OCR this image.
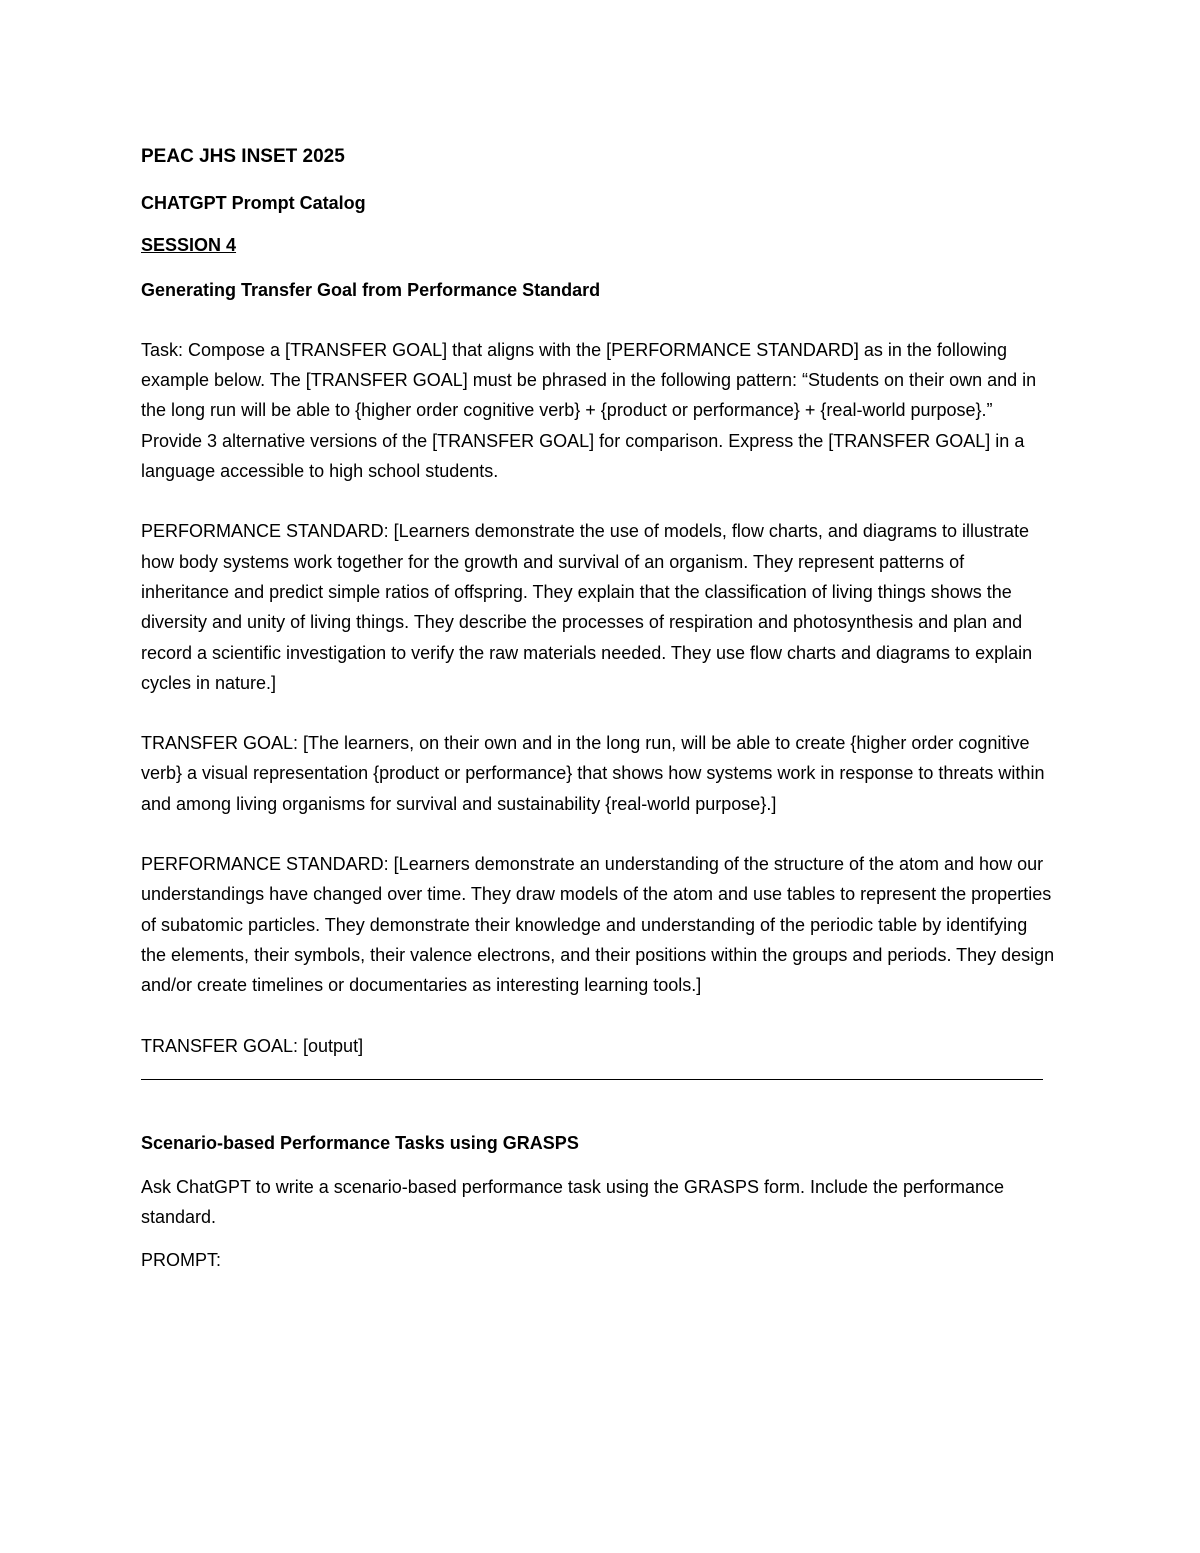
PEAC JHS INSET 2025
CHATGPT Prompt Catalog
SESSION 4
Generating Transfer Goal from Performance Standard
Task: Compose a [TRANSFER GOAL] that aligns with the [PERFORMANCE STANDARD] as in the following example below. The [TRANSFER GOAL] must be phrased in the following pattern: “Students on their own and in the long run will be able to {higher order cognitive verb} + {product or performance} + {real-world purpose}.” Provide 3 alternative versions of the [TRANSFER GOAL] for comparison. Express the [TRANSFER GOAL] in a language accessible to high school students.
PERFORMANCE STANDARD: [Learners demonstrate the use of models, flow charts, and diagrams to illustrate how body systems work together for the growth and survival of an organism. They represent patterns of inheritance and predict simple ratios of offspring. They explain that the classification of living things shows the diversity and unity of living things. They describe the processes of respiration and photosynthesis and plan and record a scientific investigation to verify the raw materials needed. They use flow charts and diagrams to explain cycles in nature.]
TRANSFER GOAL: [The learners, on their own and in the long run, will be able to create {higher order cognitive verb} a visual representation {product or performance} that shows how systems work in response to threats within and among living organisms for survival and sustainability {real-world purpose}.]
PERFORMANCE STANDARD: [Learners demonstrate an understanding of the structure of the atom and how our understandings have changed over time. They draw models of the atom and use tables to represent the properties of subatomic particles. They demonstrate their knowledge and understanding of the periodic table by identifying the elements, their symbols, their valence electrons, and their positions within the groups and periods. They design and/or create timelines or documentaries as interesting learning tools.]
TRANSFER GOAL: [output]
Scenario-based Performance Tasks using GRASPS
Ask ChatGPT to write a scenario-based performance task using the GRASPS form. Include the performance standard.
PROMPT:
